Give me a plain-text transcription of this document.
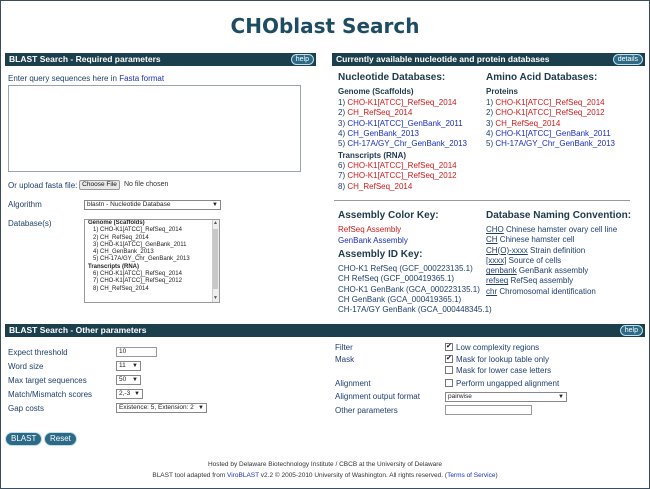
CHOblast Search
BLAST Search - Required parameters	help	Currently available nucleotide and protein databases	details
Enter query sequences here in Fasta format
Or upload fasta file: Choose File	No file chosen
Algorithm	blastn - Nucleotide Database	▼
Database(s)	Genome (Scaffolds)
1) CHO-K1[ATCC]_RefSeq_2014
2) CH_RefSeq_2014
3) CHO-K1[ATCC]_GenBank_2011
4) CH_GenBank_2013
5) CH-17A/GY_Chr_GenBank_2013
Transcripts (RNA)
6) CHO-K1[ATCC]_RefSeq_2014
7) CHO-K1[ATCC]_RefSeq_2012
8) CH_RefSeq_2014
▲
▼
Nucleotide Databases:
Genome (Scaffolds)
1) CHO-K1[ATCC]_RefSeq_2014
2) CH_RefSeq_2014
3) CHO-K1[ATCC]_GenBank_2011
4) CH_GenBank_2013
5) CH-17A/GY_Chr_GenBank_2013
Transcripts (RNA)
6) CHO-K1[ATCC]_RefSeq_2014
7) CHO-K1[ATCC]_RefSeq_2012
8) CH_RefSeq_2014
Amino Acid Databases:
Proteins
1) CHO-K1[ATCC]_RefSeq_2014
2) CHO-K1[ATCC]_RefSeq_2012
3) CH_RefSeq_2014
4) CHO-K1[ATCC]_GenBank_2011
5) CH-17A/GY_Chr_GenBank_2013
Assembly Color Key:
RefSeq Assembly
GenBank Assembly
Assembly ID Key:
CHO-K1 RefSeq (GCF_000223135.1)
CH RefSeq (GCF_000419365.1)
CHO-K1 GenBank (GCA_000223135.1)
CH GenBank (GCA_000419365.1)
CH-17A/GY GenBank (GCA_000448345.1)
Database Naming Convention:
CHO Chinese hamster ovary cell line
CH Chinese hamster cell
CH(O)-xxxx Strain definition
[xxxx] Source of cells
genbank GenBank assembly
refseq RefSeq assembly
chr Chromosomal identification
BLAST Search - Other parameters	help
Expect threshold	10
Word size	11 ▼
Max target sequences	50 ▼
Match/Mismatch scores	2,-3 ▼
Gap costs	Existence: 5, Extension: 2 ▼
Filter ✔	Low complexity regions
Mask ✔	Mask for lookup table only
Mask for lower case letters
Alignment	Perform ungapped alignment
Alignment output format	pairwise	▼
Other parameters
BLAST	Reset
Hosted by Delaware Biotechnology Institute / CBCB at the University of Delaware
BLAST tool adapted from ViroBLAST v2.2 © 2005-2010 University of Washington. All rights reserved. (Terms of Service)
